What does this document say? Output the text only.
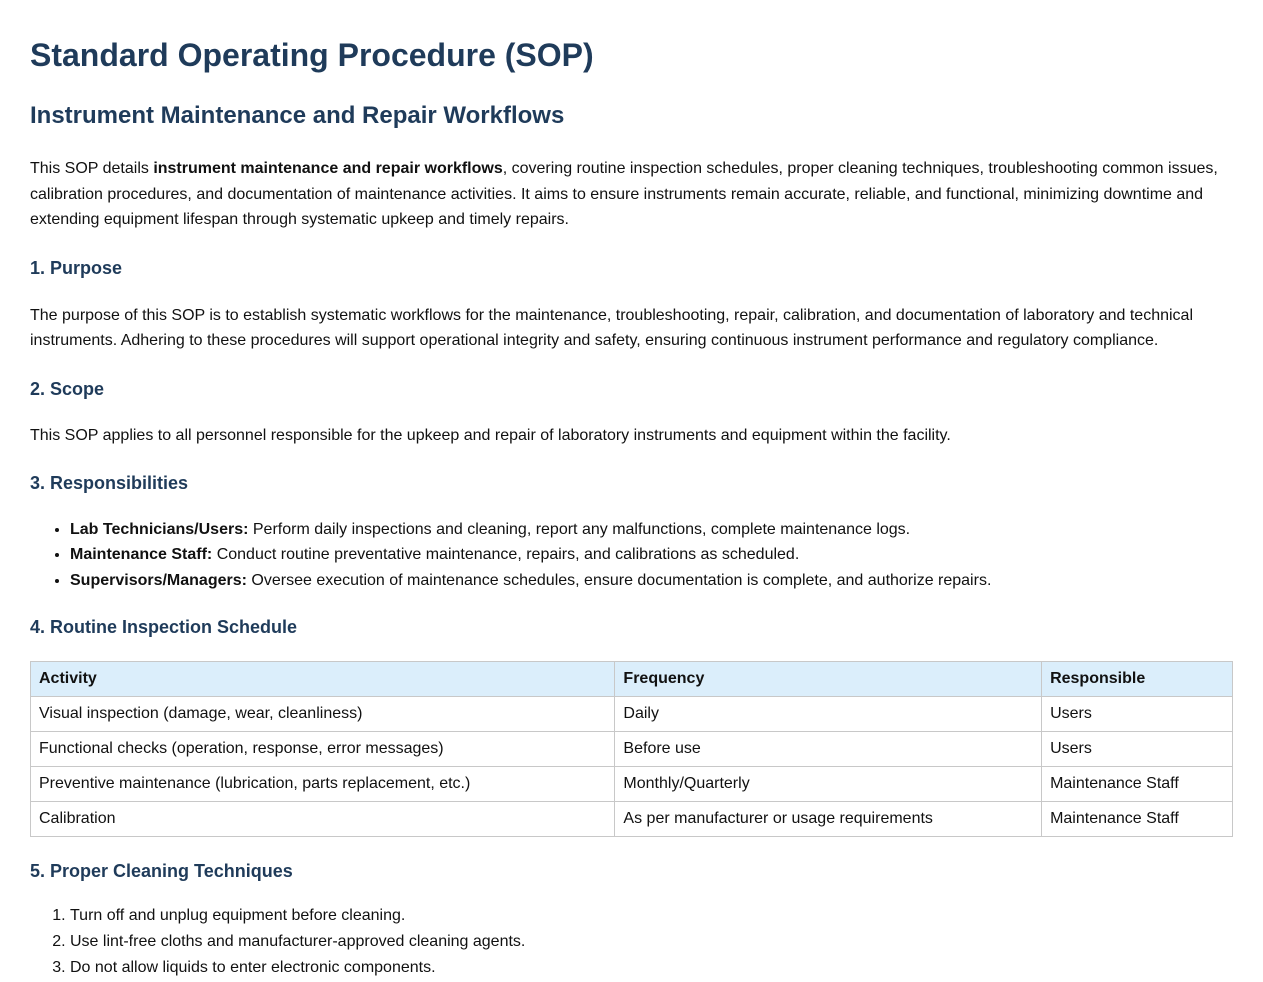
Standard Operating Procedure (SOP)
Instrument Maintenance and Repair Workflows

This SOP details instrument maintenance and repair workflows, covering routine inspection schedules, proper cleaning techniques, troubleshooting common issues, calibration procedures, and documentation of maintenance activities. It aims to ensure instruments remain accurate, reliable, and functional, minimizing downtime and extending equipment lifespan through systematic upkeep and timely repairs.

1. Purpose

The purpose of this SOP is to establish systematic workflows for the maintenance, troubleshooting, repair, calibration, and documentation of laboratory and technical instruments. Adhering to these procedures will support operational integrity and safety, ensuring continuous instrument performance and regulatory compliance.

2. Scope

This SOP applies to all personnel responsible for the upkeep and repair of laboratory instruments and equipment within the facility.

3. Responsibilities
• Lab Technicians/Users: Perform daily inspections and cleaning, report any malfunctions, complete maintenance logs.
• Maintenance Staff: Conduct routine preventative maintenance, repairs, and calibrations as scheduled.
• Supervisors/Managers: Oversee execution of maintenance schedules, ensure documentation is complete, and authorize repairs.
4. Routine Inspection Schedule
Activity	Frequency	Responsible
Visual inspection (damage, wear, cleanliness)	Daily	Users
Functional checks (operation, response, error messages)	Before use	Users
Preventive maintenance (lubrication, parts replacement, etc.)	Monthly/Quarterly	Maintenance Staff
Calibration	As per manufacturer or usage requirements	Maintenance Staff
5. Proper Cleaning Techniques
1. Turn off and unplug equipment before cleaning.
2. Use lint-free cloths and manufacturer-approved cleaning agents.
3. Do not allow liquids to enter electronic components.
